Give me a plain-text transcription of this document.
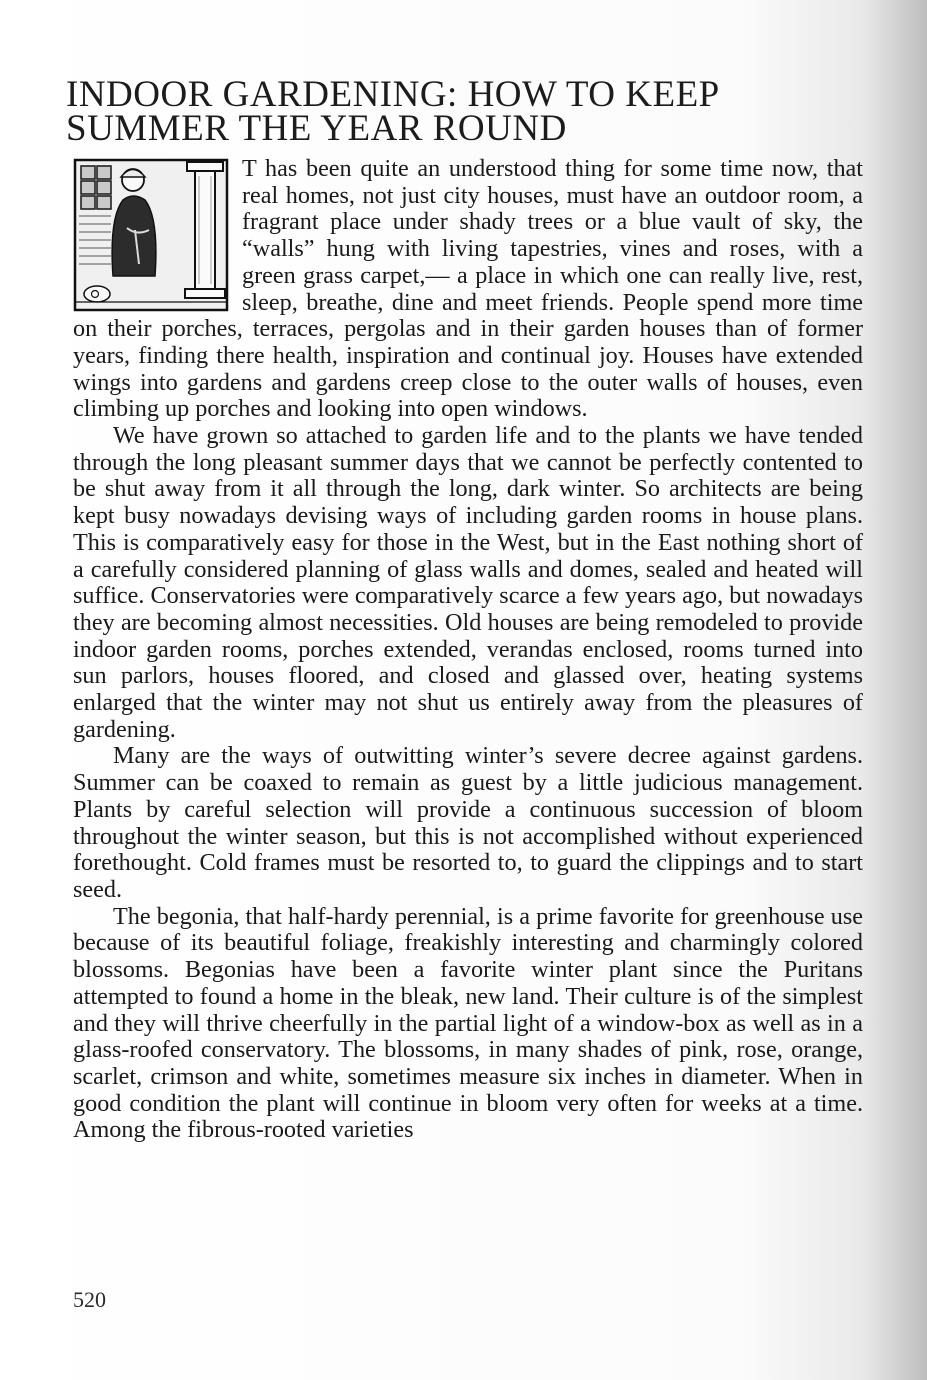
INDOOR GARDENING: HOW TO KEEP SUMMER THE YEAR ROUND
I

T has been quite an understood thing for some time now, that real homes, not just city houses, must have an outdoor room, a fragrant place under shady trees or a blue vault of sky, the “walls” hung with living tapestries, vines and roses, with a green grass carpet,— a place in which one can really live, rest, sleep, breathe, dine and meet friends. People spend more time on their porches, terraces, pergolas and in their garden houses than of former years, finding there health, inspiration and continual joy. Houses have extended wings into gardens and gardens creep close to the outer walls of houses, even climbing up porches and looking into open windows.

We have grown so attached to garden life and to the plants we have tended through the long pleasant summer days that we cannot be perfectly contented to be shut away from it all through the long, dark winter. So architects are being kept busy nowadays devising ways of including garden rooms in house plans. This is comparatively easy for those in the West, but in the East nothing short of a carefully considered planning of glass walls and domes, sealed and heated will suffice. Conservatories were comparatively scarce a few years ago, but nowadays they are becoming almost necessities. Old houses are being remodeled to provide indoor garden rooms, porches extended, verandas enclosed, rooms turned into sun parlors, houses floored, and closed and glassed over, heating systems enlarged that the winter may not shut us entirely away from the pleasures of gardening.

Many are the ways of outwitting winter’s severe decree against gardens. Summer can be coaxed to remain as guest by a little judicious management. Plants by careful selection will provide a continuous succession of bloom throughout the winter season, but this is not accomplished without experienced forethought. Cold frames must be resorted to, to guard the clippings and to start seed.

The begonia, that half-hardy perennial, is a prime favorite for greenhouse use because of its beautiful foliage, freakishly interesting and charmingly colored blossoms. Begonias have been a favorite winter plant since the Puritans attempted to found a home in the bleak, new land. Their culture is of the simplest and they will thrive cheerfully in the partial light of a window-box as well as in a glass-roofed conservatory. The blossoms, in many shades of pink, rose, orange, scarlet, crimson and white, sometimes measure six inches in diameter. When in good condition the plant will continue in bloom very often for weeks at a time. Among the fibrous-rooted varieties

520
